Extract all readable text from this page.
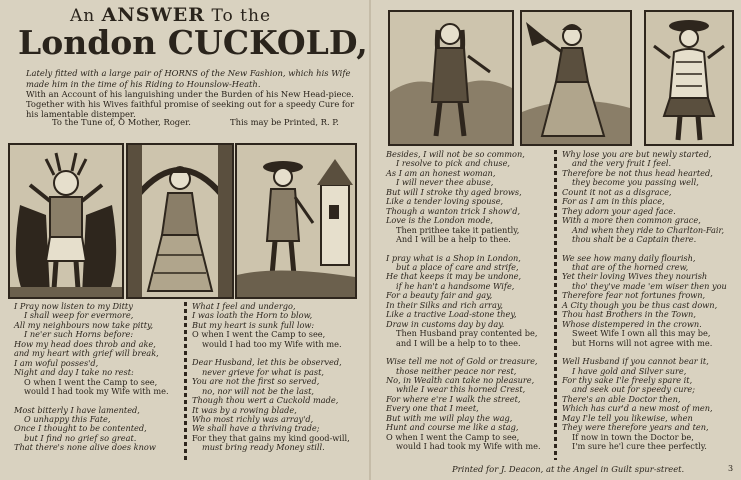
An ANSWER To the
London CUCKOLD,
Lately fitted with a large pair of HORNS of the New Fashion, which his Wife made him in the time of his Riding to Hounslow-Heath.
With an Account of his languishing under the Burden of his New Head-piece. Together with his Wives faithful promise of seeking out for a speedy Cure for his lamentable distemper.
To the Tune of, O Mother, Roger.	This may be Printed, R. P.
I Pray now listen to my Ditty
I shall weep for evermore,
All my neighbours now take pitty,
I ne'er such Horns before:
How my head does throb and ake,
and my heart with grief will break,
I am woful posses'd,
Night and day I take no rest:
O when I went the Camp to see,
would I had took my Wife with me.
Most bitterly I have lamented,
O unhappy this Fate,
Once I thought to be contented,
but I find no grief so great.
That there's none alive does know
What I feel and undergo,
I was loath the Horn to blow,
But my heart is sunk full low:
O when I went the Camp to see,
would I had too my Wife with me.
Dear Husband, let this be observed,
never grieve for what is past,
You are not the first so served,
no, nor will not be the last,
Though thou wert a Cuckold made,
It was by a rowing blade,
Who most richly was array'd,
We shall have a thriving trade;
For they that gains my kind good-will,
must bring ready Money still.
Besides, I will not be so common,
I resolve to pick and chuse,
As I am an honest woman,
I will never thee abuse,
But will I stroke thy aged brows,
Like a tender loving spouse,
Though a wanton trick I show'd,
Love is the London mode,
Then prithee take it patiently,
And I will be a help to thee.
I pray what is a Shop in London,
but a place of care and strife,
He that keeps it may be undone,
if he han't a handsome Wife,
For a beauty fair and gay,
In their Silks and rich array,
Like a tractive Load-stone they,
Draw in customs day by day.
Then Husband pray contented be,
and I will be a help to to thee.
Wise tell me not of Gold or treasure,
those neither peace nor rest,
No, in Wealth can take no pleasure,
while I wear this horned Crest,
For where e're I walk the street,
Every one that I meet,
But with me will play the wag,
Hunt and course me like a stag,
O when I went the Camp to see,
would I had took my Wife with me.
Why lose you are but newly started,
and the very fruit I feel.
Therefore be not thus head hearted,
they become you passing well,
Count it not as a disgrace,
For as I am in this place,
They adorn your aged face.
With a more then common grace,
And when they ride to Charlton-Fair,
thou shalt be a Captain there.
We see how many daily flourish,
that are of the horned crew,
Yet their loving Wives they nourish
tho' they've made 'em wiser then you
Therefore fear not fortunes frown,
A City though you be thus cast down,
Thou hast Brothers in the Town,
Whose distempered in the crown.
Sweet Wife I own all this may be,
but Horns will not agree with me.
Well Husband if you cannot bear it,
I have gold and Silver sure,
For thy sake I'le freely spare it,
and seek out for speedy cure;
There's an able Doctor then,
Which has cur'd a new most of men,
May I'le tell you likewise, when
They were therefore years and ten,
If now in town the Doctor be,
I'm sure he'l cure thee perfectly.
Printed for J. Deacon, at the Angel in Guilt spur-street.	3
